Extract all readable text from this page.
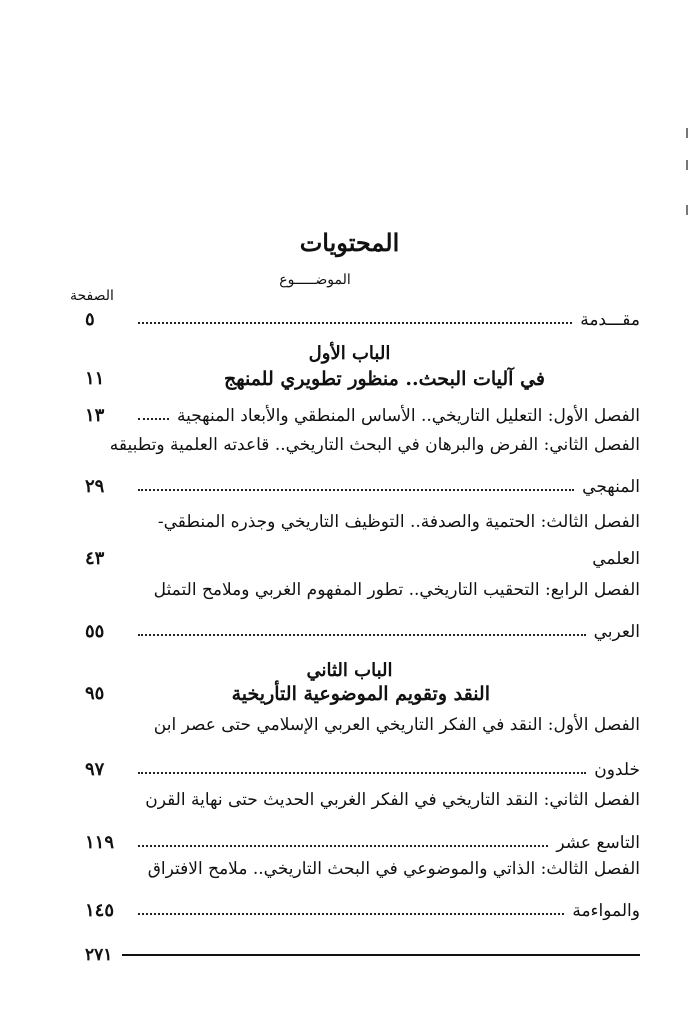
المحتويات
الموضـــــوع
الصفحة
مقـــدمة
٥
الباب الأول
في آليات البحث.. منظور تطويري للمنهج
١١
الفصل الأول: التعليل التاريخي.. الأساس المنطقي والأبعاد المنهجية
١٣
الفصل الثاني: الفرض والبرهان في البحث التاريخي.. قاعدته العلمية وتطبيقه
المنهجي
٢٩
الفصل الثالث: الحتمية والصدفة.. التوظيف التاريخي وجذره المنطقي-
العلمي
٤٣
الفصل الرابع: التحقيب التاريخي.. تطور المفهوم الغربي وملامح التمثل
العربي
٥٥
الباب الثاني
النقد وتقويم الموضوعية التأريخية
٩٥
الفصل الأول: النقد في الفكر التاريخي العربي الإسلامي حتى عصر ابن
خلدون
٩٧
الفصل الثاني: النقد التاريخي في الفكر الغربي الحديث حتى نهاية القرن
التاسع عشر
١١٩
الفصل الثالث: الذاتي والموضوعي في البحث التاريخي.. ملامح الافتراق
والمواءمة
١٤٥
٢٧١
